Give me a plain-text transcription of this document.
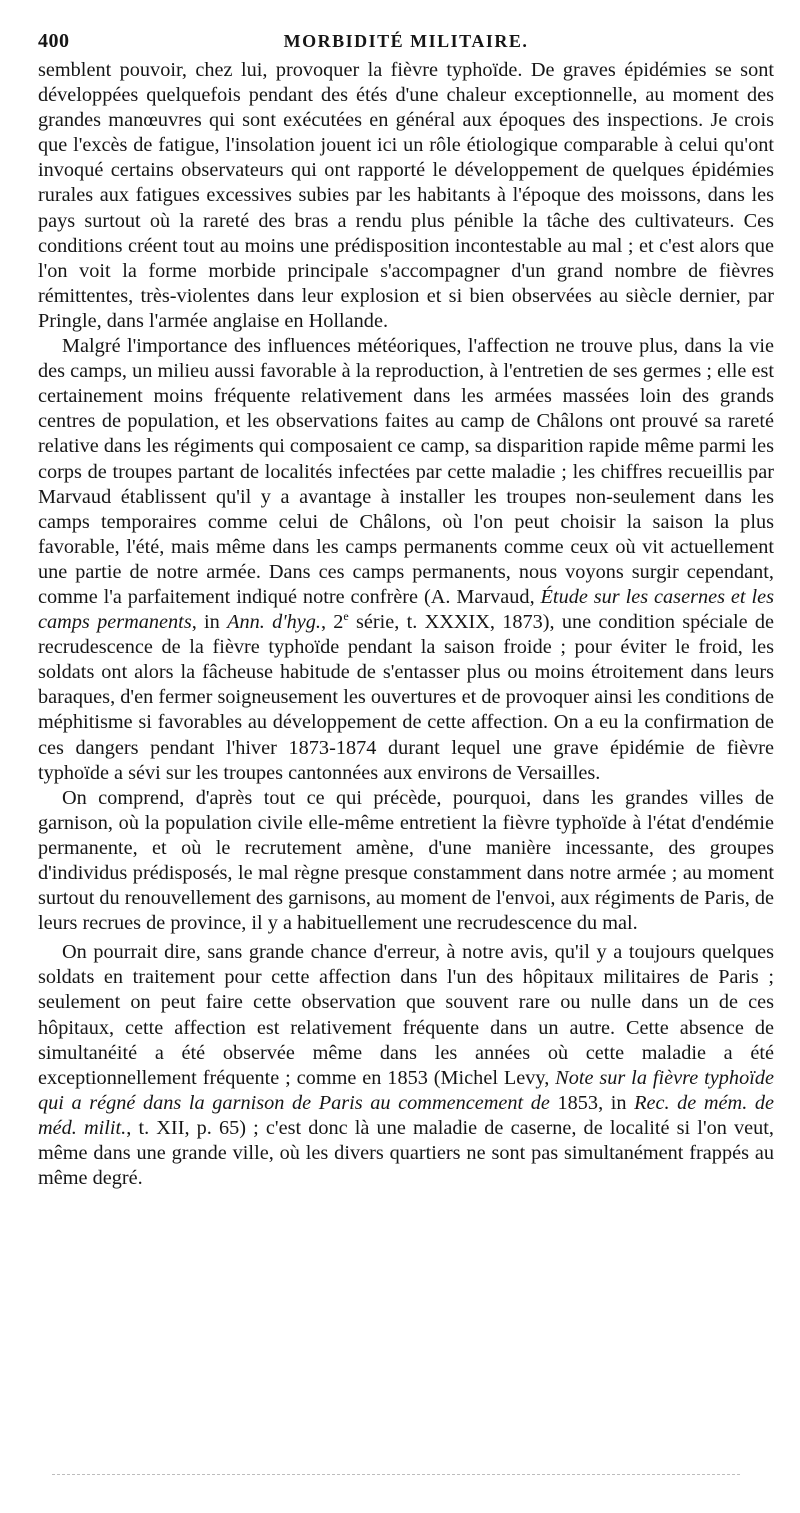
400	MORBIDITÉ MILITAIRE.

semblent pouvoir, chez lui, provoquer la fièvre typhoïde. De graves épidémies se sont développées quelquefois pendant des étés d'une chaleur exceptionnelle, au moment des grandes manœuvres qui sont exécutées en général aux époques des inspections. Je crois que l'excès de fatigue, l'insolation jouent ici un rôle étiologique comparable à celui qu'ont invoqué certains observateurs qui ont rapporté le développement de quelques épidémies rurales aux fatigues excessives subies par les habitants à l'époque des moissons, dans les pays surtout où la rareté des bras a rendu plus pénible la tâche des cultivateurs. Ces conditions créent tout au moins une prédisposition incontestable au mal ; et c'est alors que l'on voit la forme morbide principale s'accompagner d'un grand nombre de fièvres rémittentes, très-violentes dans leur explosion et si bien observées au siècle dernier, par Pringle, dans l'armée anglaise en Hollande.

Malgré l'importance des influences météoriques, l'affection ne trouve plus, dans la vie des camps, un milieu aussi favorable à la reproduction, à l'entretien de ses germes ; elle est certainement moins fréquente relativement dans les armées massées loin des grands centres de population, et les observations faites au camp de Châlons ont prouvé sa rareté relative dans les régiments qui composaient ce camp, sa disparition rapide même parmi les corps de troupes partant de localités infectées par cette maladie ; les chiffres recueillis par Marvaud établissent qu'il y a avantage à installer les troupes non-seulement dans les camps temporaires comme celui de Châlons, où l'on peut choisir la saison la plus favorable, l'été, mais même dans les camps permanents comme ceux où vit actuellement une partie de notre armée. Dans ces camps permanents, nous voyons surgir cependant, comme l'a parfaitement indiqué notre confrère (A. Marvaud, Étude sur les casernes et les camps permanents, in Ann. d'hyg., 2e série, t. XXXIX, 1873), une condition spéciale de recrudescence de la fièvre typhoïde pendant la saison froide ; pour éviter le froid, les soldats ont alors la fâcheuse habitude de s'entasser plus ou moins étroitement dans leurs baraques, d'en fermer soigneusement les ouvertures et de provoquer ainsi les conditions de méphitisme si favorables au développement de cette affection. On a eu la confirmation de ces dangers pendant l'hiver 1873-1874 durant lequel une grave épidémie de fièvre typhoïde a sévi sur les troupes cantonnées aux environs de Versailles.

On comprend, d'après tout ce qui précède, pourquoi, dans les grandes villes de garnison, où la population civile elle-même entretient la fièvre typhoïde à l'état d'endémie permanente, et où le recrutement amène, d'une manière incessante, des groupes d'individus prédisposés, le mal règne presque constamment dans notre armée ; au moment surtout du renouvellement des garnisons, au moment de l'envoi, aux régiments de Paris, de leurs recrues de province, il y a habituellement une recrudescence du mal.

On pourrait dire, sans grande chance d'erreur, à notre avis, qu'il y a toujours quelques soldats en traitement pour cette affection dans l'un des hôpitaux militaires de Paris ; seulement on peut faire cette observation que souvent rare ou nulle dans un de ces hôpitaux, cette affection est relativement fréquente dans un autre. Cette absence de simultanéité a été observée même dans les années où cette maladie a été exceptionnellement fréquente ; comme en 1853 (Michel Levy, Note sur la fièvre typhoïde qui a régné dans la garnison de Paris au commencement de 1853, in Rec. de mém. de méd. milit., t. XII, p. 65) ; c'est donc là une maladie de caserne, de localité si l'on veut, même dans une grande ville, où les divers quartiers ne sont pas simultanément frappés au même degré.
